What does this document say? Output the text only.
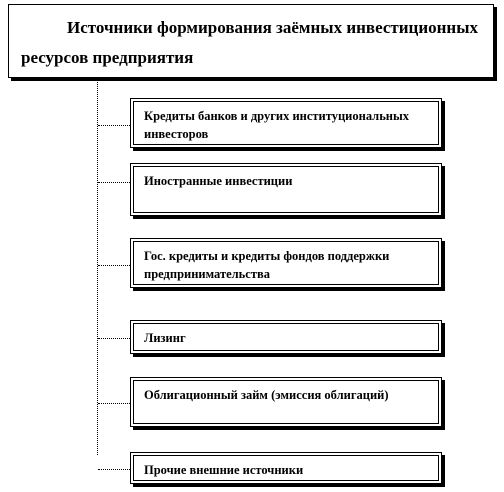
Источники формирования заёмных инвестиционных ресурсов предприятия
Кредиты банков и других институциональных инвесторов
Иностранные инвестиции
Гос. кредиты и кредиты фондов поддержки предпринимательства
Лизинг
Облигационный займ (эмиссия облигаций)
Прочие внешние источники
